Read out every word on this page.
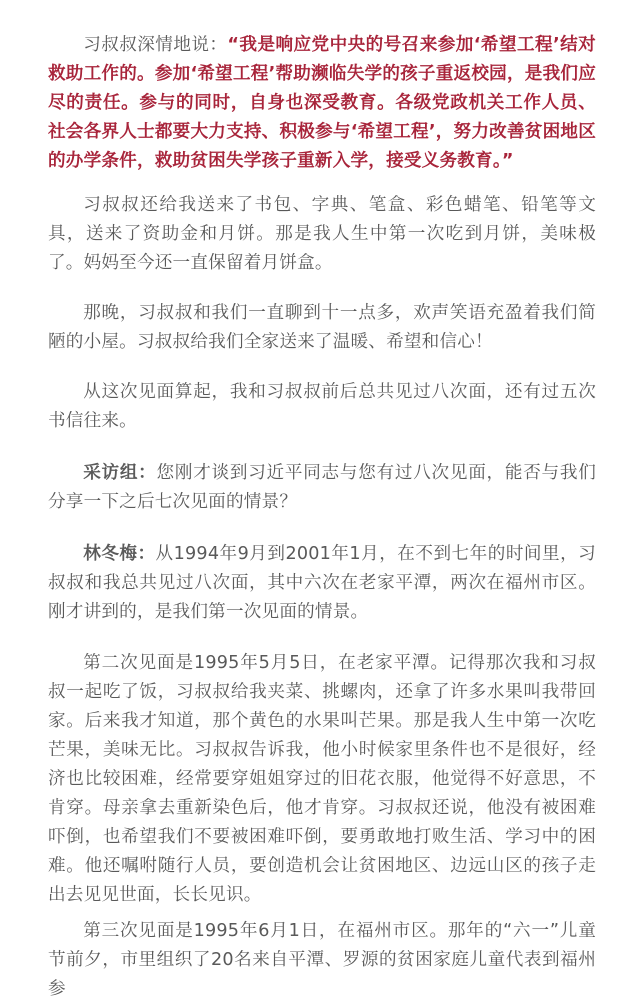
习叔叔深情地说：“我是响应党中央的号召来参加‘希望工程’结对救助工作的。参加‘希望工程’帮助濒临失学的孩子重返校园，是我们应尽的责任。参与的同时，自身也深受教育。各级党政机关工作人员、社会各界人士都要大力支持、积极参与‘希望工程’，努力改善贫困地区的办学条件，救助贫困失学孩子重新入学，接受义务教育。”

习叔叔还给我送来了书包、字典、笔盒、彩色蜡笔、铅笔等文具，送来了资助金和月饼。那是我人生中第一次吃到月饼，美味极了。妈妈至今还一直保留着月饼盒。

那晚，习叔叔和我们一直聊到十一点多，欢声笑语充盈着我们简陋的小屋。习叔叔给我们全家送来了温暖、希望和信心！

从这次见面算起，我和习叔叔前后总共见过八次面，还有过五次书信往来。

采访组：您刚才谈到习近平同志与您有过八次见面，能否与我们分享一下之后七次见面的情景？

林冬梅：从1994年9月到2001年1月，在不到七年的时间里，习叔叔和我总共见过八次面，其中六次在老家平潭，两次在福州市区。刚才讲到的，是我们第一次见面的情景。

第二次见面是1995年5月5日，在老家平潭。记得那次我和习叔叔一起吃了饭，习叔叔给我夹菜、挑螺肉，还拿了许多水果叫我带回家。后来我才知道，那个黄色的水果叫芒果。那是我人生中第一次吃芒果，美味无比。习叔叔告诉我，他小时候家里条件也不是很好，经济也比较困难，经常要穿姐姐穿过的旧花衣服，他觉得不好意思，不肯穿。母亲拿去重新染色后，他才肯穿。习叔叔还说，他没有被困难吓倒，也希望我们不要被困难吓倒，要勇敢地打败生活、学习中的困难。他还嘱咐随行人员，要创造机会让贫困地区、边远山区的孩子走出去见见世面，长长见识。

第三次见面是1995年6月1日，在福州市区。那年的“六一”儿童节前夕，市里组织了20名来自平潭、罗源的贫困家庭儿童代表到福州参
